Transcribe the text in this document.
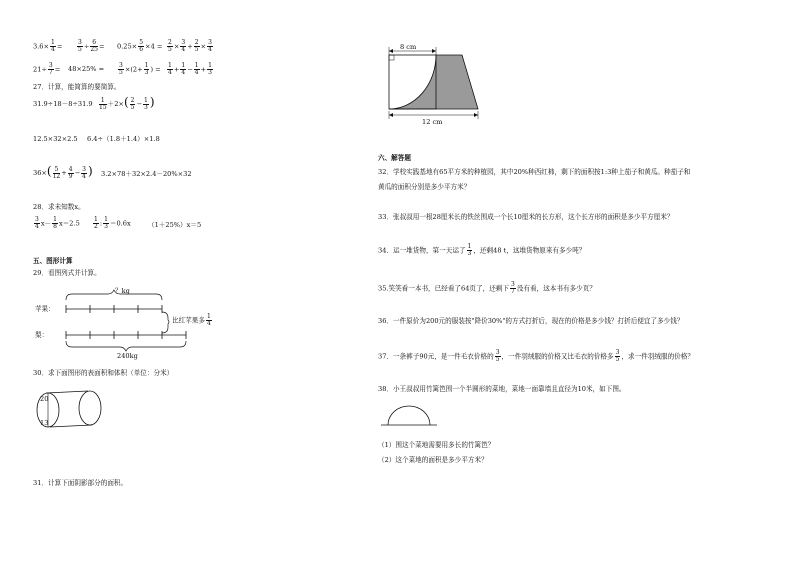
$3.6\times \frac{1}{4} = \frac{3}{5} \div \frac{6}{25} = 0.25\times \frac{5}{6} \times 4 = \frac{2}{5} \times \frac{3}{4} + \frac{2}{5} \times \frac{3}{4}$
$21\div \frac{3}{7} = 48\times 25\% = \frac{3}{5} \times(2+ \frac{1}{3}$ ) = $\frac{1}{4} + \frac{1}{4} - \frac{1}{4} + \frac{1}{3}$
27．计算，能简算的要简算。
$31.9\div 18-8\div 31.9 \frac{1}{15} +2\times( \frac{2}{5} - \frac{1}{3}$ )
12.5×32×2.5 6.4÷（1.8＋1.4）×1.8
$36\times( \frac{5}{12} + \frac{4}{9} - \frac{3}{4}$ ) 3.2×78＋32×2.4－20%×32
28．求未知数x。
$\frac{3}{4} x- \frac{1}{8} x=2.5 \frac{1}{2}$ : $\frac{1}{3} =0.6x$	（1＋25%）x＝5
五、图形计算
29．看图列式并计算。
？kg
苹果：
梨：
比红苹果多 $\frac{1}{4}$
240kg
30．求下面图形的表面积和体积（单位：分米）
20
13
31．计算下面阴影部分的面积。
8 cm
12 cm
六、解答题
32．学校实践基地有65平方米的种植园，其中20%种西红柿，剩下的面积按1:3种上茄子和黄瓜。种茄子和
黄瓜的面积分别是多少平方米？
33．张叔叔用一根28厘米长的铁丝围成一个长10厘米的长方形，这个长方形的面积是多少平方厘米？
34．运一堆货物，第一天运了 $\frac{1}{3}$ ，还剩48 t，这堆货物原来有多少吨？
35.笑笑看一本书，已经看了64页了，还剩下 $\frac{3}{7}$ 没有看，这本书有多少页？
36．一件原价为200元的服装按"降价30%"的方式打折后，现在的价格是多少钱？打折后便宜了多少钱？
37．一条裤子90元，是一件毛衣价格的 $\frac{3}{5}$ ，一件羽绒服的价格又比毛衣的价格多 $\frac{3}{5}$ ，求一件羽绒服的价格？
38．小王叔叔用竹篱笆围一个半圆形的菜地，菜地一面靠墙且直径为10米，如下图。
（1）围这个菜地需要用多长的竹篱笆？
（2）这个菜地的面积是多少平方米？
